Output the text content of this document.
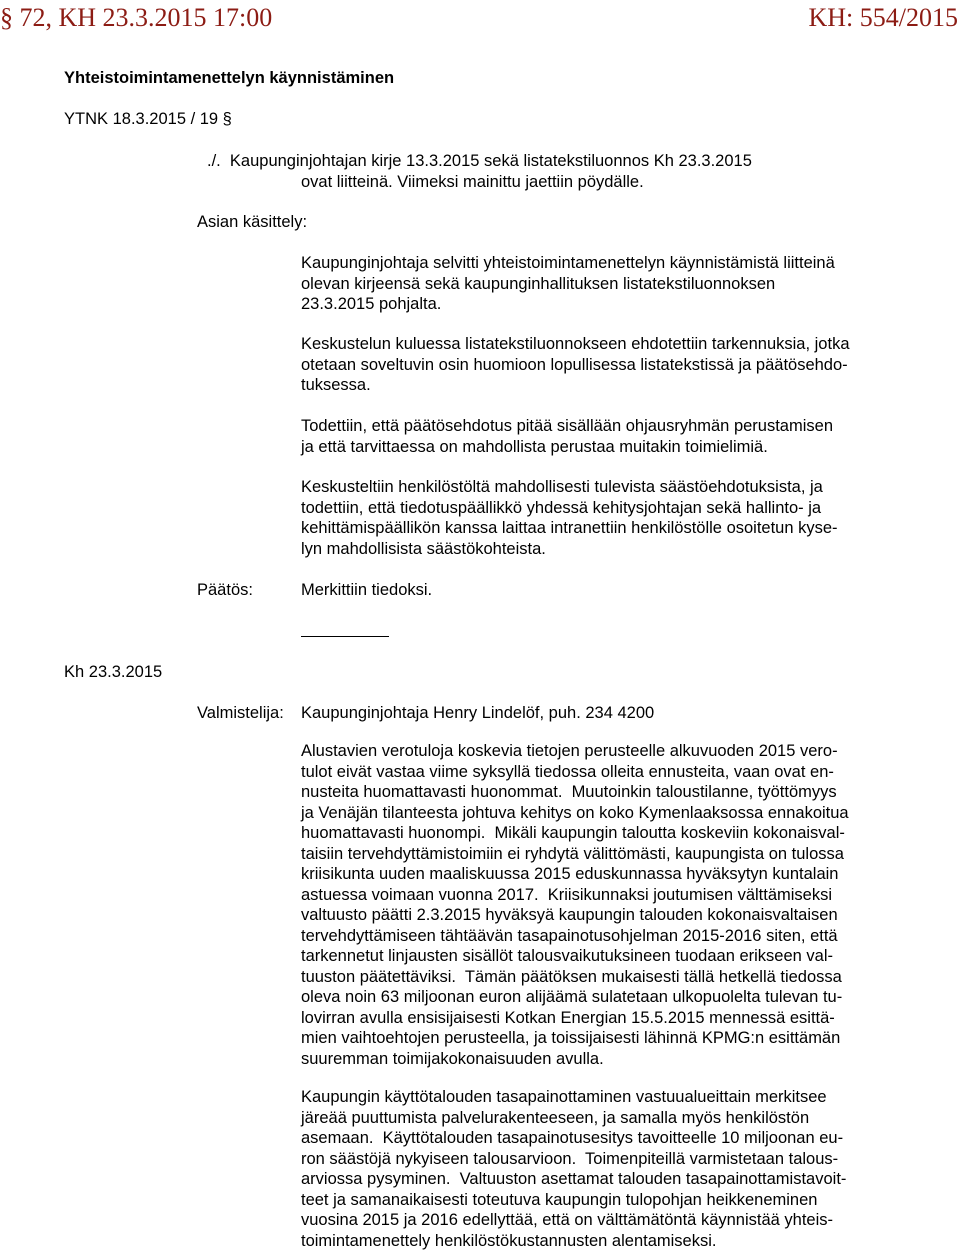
§ 72, KH 23.3.2015 17:00	KH: 554/2015
Yhteistoimintamenettelyn käynnistäminen
YTNK 18.3.2015 / 19 §
./.  Kaupunginjohtajan kirje 13.3.2015 sekä listatekstiluonnos Kh 23.3.2015
ovat liitteinä. Viimeksi mainittu jaettiin pöydälle.
Asian käsittely:
Kaupunginjohtaja selvitti yhteistoimintamenettelyn käynnistämistä liitteinä
olevan kirjeensä sekä kaupunginhallituksen listatekstiluonnoksen
23.3.2015 pohjalta.
Keskustelun kuluessa listatekstiluonnokseen ehdotettiin tarkennuksia, jotka
otetaan soveltuvin osin huomioon lopullisessa listatekstissä ja päätösehdo-
tuksessa.
Todettiin, että päätösehdotus pitää sisällään ohjausryhmän perustamisen
ja että tarvittaessa on mahdollista perustaa muitakin toimielimiä.
Keskusteltiin henkilöstöltä mahdollisesti tulevista säästöehdotuksista, ja
todettiin, että tiedotuspäällikkö yhdessä kehitysjohtajan sekä hallinto- ja
kehittämispäällikön kanssa laittaa intranettiin henkilöstölle osoitetun kyse-
lyn mahdollisista säästökohteista.
Päätös:	Merkittiin tiedoksi.
Kh 23.3.2015
Valmistelija: Kaupunginjohtaja Henry Lindelöf, puh. 234 4200
Alustavien verotuloja koskevia tietojen perusteelle alkuvuoden 2015 vero-
tulot eivät vastaa viime syksyllä tiedossa olleita ennusteita, vaan ovat en-
nusteita huomattavasti huonommat.  Muutoinkin taloustilanne, työttömyys
ja Venäjän tilanteesta johtuva kehitys on koko Kymenlaaksossa ennakoitua
huomattavasti huonompi.  Mikäli kaupungin taloutta koskeviin kokonaisval-
taisiin tervehdyttämistoimiin ei ryhdytä välittömästi, kaupungista on tulossa
kriisikunta uuden maaliskuussa 2015 eduskunnassa hyväksytyn kuntalain
astuessa voimaan vuonna 2017.  Kriisikunnaksi joutumisen välttämiseksi
valtuusto päätti 2.3.2015 hyväksyä kaupungin talouden kokonaisvaltaisen
tervehdyttämiseen tähtäävän tasapainotusohjelman 2015-2016 siten, että
tarkennetut linjausten sisällöt talousvaikutuksineen tuodaan erikseen val-
tuuston päätettäviksi.  Tämän päätöksen mukaisesti tällä hetkellä tiedossa
oleva noin 63 miljoonan euron alijäämä sulatetaan ulkopuolelta tulevan tu-
lovirran avulla ensisijaisesti Kotkan Energian 15.5.2015 mennessä esittä-
mien vaihtoehtojen perusteella, ja toissijaisesti lähinnä KPMG:n esittämän
suuremman toimijakokonaisuuden avulla.
Kaupungin käyttötalouden tasapainottaminen vastuualueittain merkitsee
järeää puuttumista palvelurakenteeseen, ja samalla myös henkilöstön
asemaan.  Käyttötalouden tasapainotusesitys tavoitteelle 10 miljoonan eu-
ron säästöjä nykyiseen talousarvioon.  Toimenpiteillä varmistetaan talous-
arviossa pysyminen.  Valtuuston asettamat talouden tasapainottamistavoit-
teet ja samanaikaisesti toteutuva kaupungin tulopohjan heikkeneminen
vuosina 2015 ja 2016 edellyttää, että on välttämätöntä käynnistää yhteis-
toimintamenettely henkilöstökustannusten alentamiseksi.
